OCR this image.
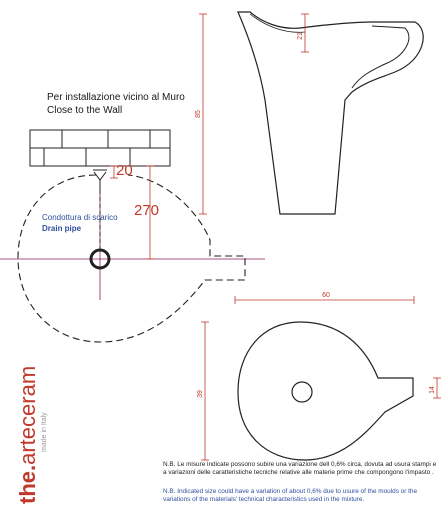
85
21
60
39
14
Per installazione vicino al Muro
Close to the Wall
Condottura di scarico
Drain pipe
20
270
N.B. Le misure indicate possono subire una variazione dell 0,6% circa, dovuta ad usura stampi e a variazioni delle caratteristiche tecniche relative alle materie prime che compongono l'impasto .
N.B. Indicated size could have a variation of about 0,6% due to usure of the moulds or the variations of the materials' technical characteristics used in the mixture.
the.arteceram made in Italy
